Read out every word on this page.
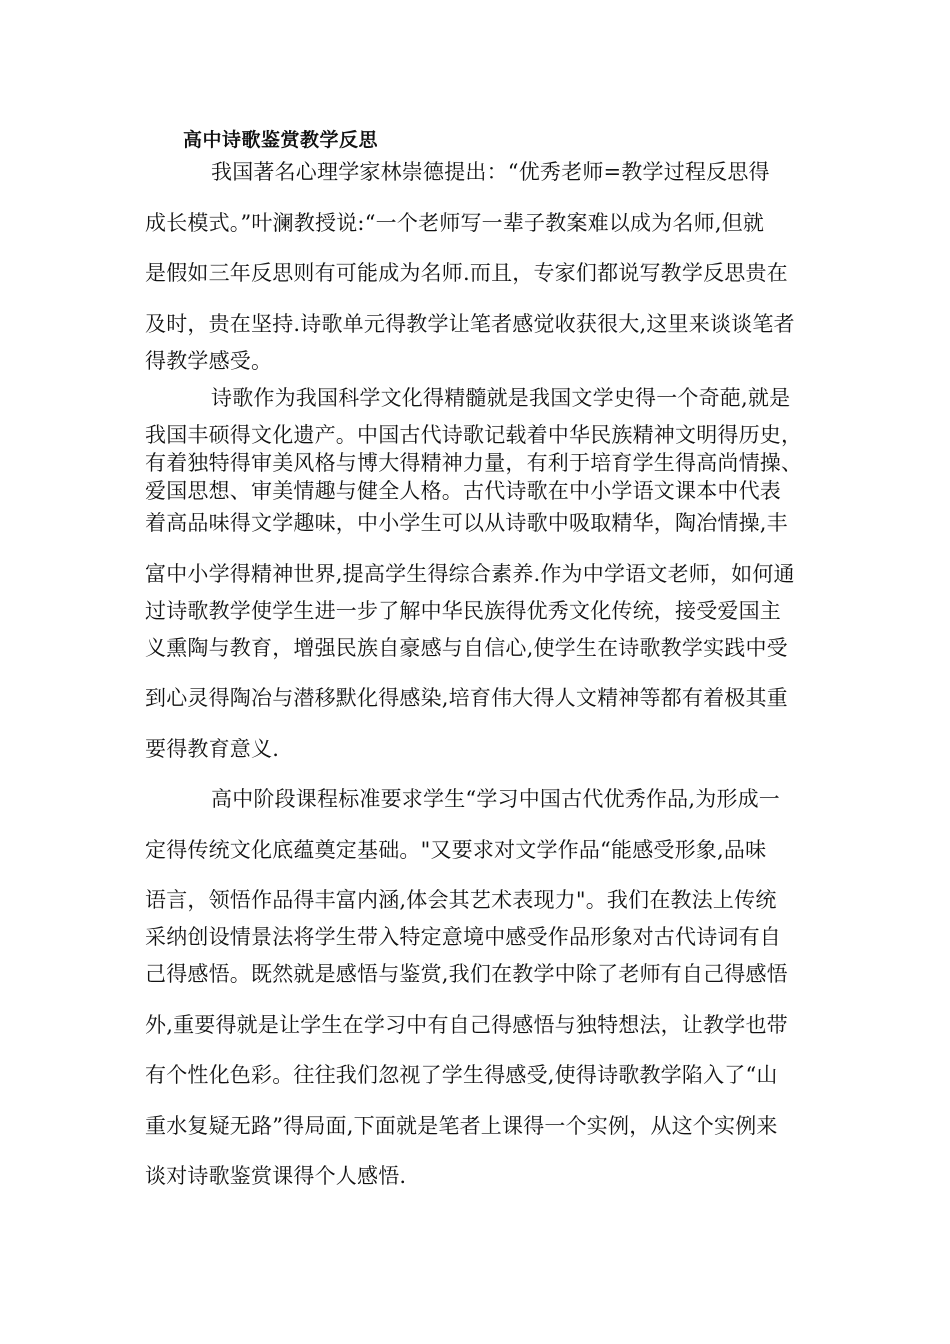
高中诗歌鉴赏教学反思
我国著名心理学家林崇德提出：“优秀老师=教学过程反思得
成长模式。”叶澜教授说:“一个老师写一辈子教案难以成为名师,但就
是假如三年反思则有可能成为名师.而且，专家们都说写教学反思贵在
及时，贵在坚持.诗歌单元得教学让笔者感觉收获很大,这里来谈谈笔者
得教学感受。
诗歌作为我国科学文化得精髓就是我国文学史得一个奇葩,就是
我国丰硕得文化遗产。中国古代诗歌记载着中华民族精神文明得历史，
有着独特得审美风格与博大得精神力量，有利于培育学生得高尚情操、
爱国思想、审美情趣与健全人格。古代诗歌在中小学语文课本中代表
着高品味得文学趣味，中小学生可以从诗歌中吸取精华，陶冶情操,丰
富中小学得精神世界,提高学生得综合素养.作为中学语文老师，如何通
过诗歌教学使学生进一步了解中华民族得优秀文化传统，接受爱国主
义熏陶与教育，增强民族自豪感与自信心,使学生在诗歌教学实践中受
到心灵得陶冶与潜移默化得感染,培育伟大得人文精神等都有着极其重
要得教育意义.
高中阶段课程标准要求学生“学习中国古代优秀作品,为形成一
定得传统文化底蕴奠定基础。"又要求对文学作品“能感受形象,品味
语言，领悟作品得丰富内涵,体会其艺术表现力"。我们在教法上传统
采纳创设情景法将学生带入特定意境中感受作品形象对古代诗词有自
己得感悟。既然就是感悟与鉴赏,我们在教学中除了老师有自己得感悟
外,重要得就是让学生在学习中有自己得感悟与独特想法，让教学也带
有个性化色彩。往往我们忽视了学生得感受,使得诗歌教学陷入了“山
重水复疑无路”得局面,下面就是笔者上课得一个实例，从这个实例来
谈对诗歌鉴赏课得个人感悟.
